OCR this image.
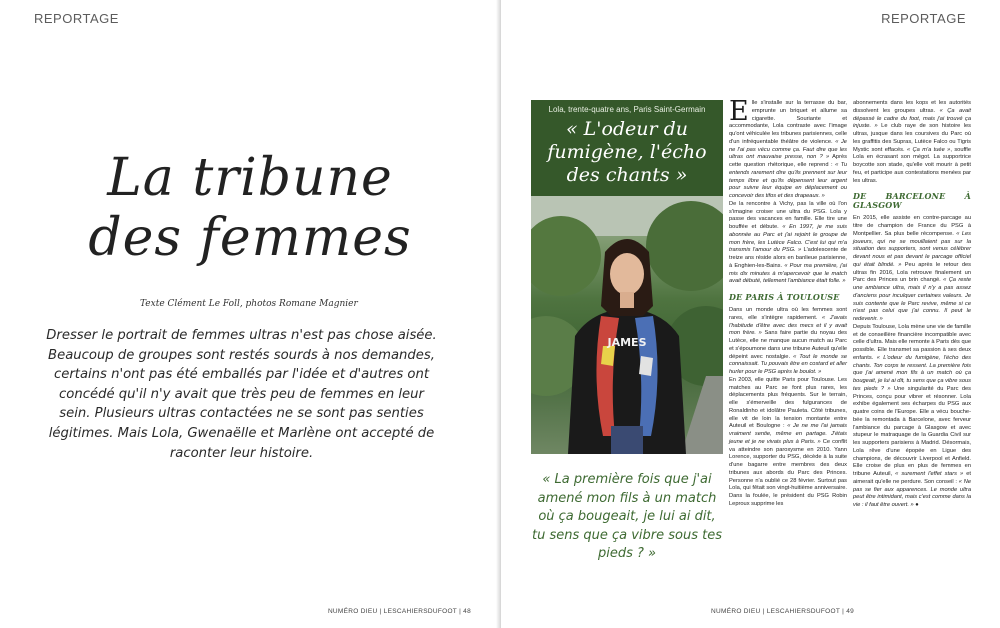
REPORTAGE
La tribune
des femmes
Texte Clément Le Foll, photos Romane Magnier
Dresser le portrait de femmes ultras n'est pas chose aisée. Beaucoup de groupes sont restés sourds à nos demandes, certains n'ont pas été emballés par l'idée et d'autres ont concédé qu'il n'y avait que très peu de femmes en leur sein. Plusieurs ultras contactées ne se sont pas senties légitimes. Mais Lola, Gwenaëlle et Marlène ont accepté de raconter leur histoire.
NUMÉRO DIEU | LESCAHIERSDUFOOT | 48
REPORTAGE
Lola, trente-quatre ans, Paris Saint-Germain
« L'odeur du fumigène, l'écho des chants »
JAMES
« La première fois que j'ai amené mon fils à un match où ça bougeait, je lui ai dit, tu sens que ça vibre sous tes pieds ? »

Elle s'installe sur la terrasse du bar, emprunte un briquet et allume sa cigarette. Souriante et accommodante, Lola contraste avec l'image qu'ont véhiculée les tribunes parisiennes, celle d'un infréquentable théâtre de violence. « Je ne l'ai pas vécu comme ça. Faut dire que les ultras ont mauvaise presse, non ? » Après cette question rhétorique, elle reprend : « Tu entends rarement dire qu'ils prennent sur leur temps libre et qu'ils dépensent leur argent pour suivre leur équipe en déplacement ou concevoir des tifos et des drapeaux. »

De la rencontre à Vichy, pas la ville où l'on s'imagine croiser une ultra du PSG. Lola y passe des vacances en famille. Elle tire une bouffée et débute. « En 1997, je me suis abonnée au Parc et j'ai rejoint le groupe de mon frère, les Lutèce Falco. C'est lui qui m'a transmis l'amour du PSG. » L'adolescente de treize ans réside alors en banlieue parisienne, à Enghien-les-Bains. « Pour ma première, j'ai mis dix minutes à m'apercevoir que le match avait débuté, tellement l'ambiance était folle. »

DE PARIS À TOULOUSE

Dans un monde ultra où les femmes sont rares, elle s'intègre rapidement. « J'avais l'habitude d'être avec des mecs et il y avait mon frère. » Sans faire partie du noyau des Lutèce, elle ne manque aucun match au Parc et s'époumone dans une tribune Auteuil qu'elle dépeint avec nostalgie. « Tout le monde se connaissait. Tu pouvais être en costard et aller hurler pour le PSG après le boulot. »

En 2003, elle quitte Paris pour Toulouse. Les matches au Parc se font plus rares, les déplacements plus fréquents. Sur le terrain, elle s'émerveille des fulgurances de Ronaldinho et idolâtre Pauleta. Côté tribunes, elle vit de loin la tension montante entre Auteuil et Boulogne : « Je ne me l'ai jamais vraiment sentie, même en partage. J'étais jeune et je ne vivais plus à Paris. » Ce conflit va atteindre son paroxysme en 2010. Yann Lorence, supporter du PSG, décède à la suite d'une bagarre entre membres des deux tribunes aux abords du Parc des Princes. Personne n'a oublié ce 28 février. Surtout pas Lola, qui fêtait son vingt-huitième anniversaire. Dans la foulée, le président du PSG Robin Leproux supprime les

abonnements dans les kops et les autorités dissolvent les groupes ultras. « Ça avait dépassé le cadre du foot, mais j'ai trouvé ça injuste. » Le club raye de son histoire les ultras, jusque dans les coursives du Parc où les graffitis des Supras, Lutèce Falco ou Tigris Mystic sont effacés. « Ça m'a tuée », souffle Lola en écrasant son mégot. La supportrice boycotte son stade, qu'elle voit mourir à petit feu, et participe aux contestations menées par les ultras.

DE BARCELONE À GLASGOW

En 2015, elle assiste en contre-parcage au titre de champion de France du PSG à Montpellier. Sa plus belle récompense. « Les joueurs, qui ne se mouillaient pas sur la situation des supporters, sont venus célébrer devant nous et pas devant le parcage officiel qui était blindé. » Peu après le retour des ultras fin 2016, Lola retrouve finalement un Parc des Princes un brin changé. « Ça reste une ambiance ultra, mais il n'y a pas assez d'anciens pour inculquer certaines valeurs. Je suis contente que le Parc revive, même si ce n'est pas celui que j'ai connu. Il peut le redevenir. »

Depuis Toulouse, Lola mène une vie de famille et de conseillère financière incompatible avec celle d'ultra. Mais elle remonte à Paris dès que possible. Elle transmet sa passion à ses deux enfants. « L'odeur du fumigène, l'écho des chants. Ton corps te ressent. La première fois que j'ai amené mon fils à un match où ça bougeait, je lui ai dit, tu sens que ça vibre sous tes pieds ? » Une singularité du Parc des Princes, conçu pour vibrer et résonner. Lola exhibe également ses écharpes du PSG aux quatre coins de l'Europe. Elle a vécu bouche-bée la remontada à Barcelone, avec ferveur l'ambiance du parcage à Glasgow et avec stupeur le matraquage de la Guardia Civil sur les supporters parisiens à Madrid. Désormais, Lola rêve d'une épopée en Ligue des champions, de découvrir Liverpool et Anfield. Elle croise de plus en plus de femmes en tribune Auteuil, « surement l'effet stars » et aimerait qu'elle ne perdure. Son conseil : « Ne pas se fier aux apparences. Le monde ultra peut être intimidant, mais c'est comme dans la vie : il faut être ouvert. » ●

NUMÉRO DIEU | LESCAHIERSDUFOOT | 49
